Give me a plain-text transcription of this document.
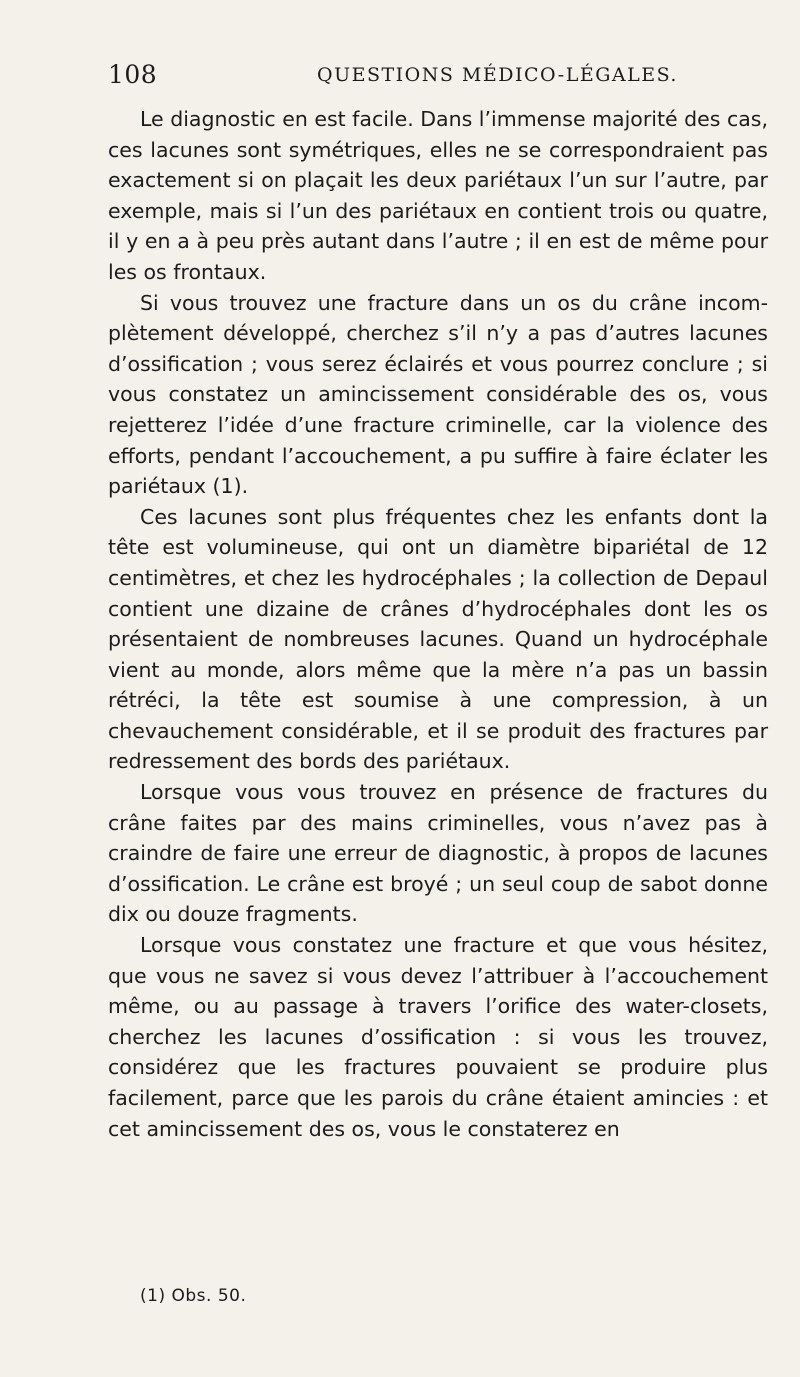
108	QUESTIONS MÉDICO-LÉGALES.

Le diagnostic en est facile. Dans l’immense majorité des cas, ces lacunes sont symétriques, elles ne se correspondraient pas exactement si on plaçait les deux pariétaux l’un sur l’autre, par exemple, mais si l’un des pariétaux en contient trois ou quatre, il y en a à peu près autant dans l’autre ; il en est de même pour les os frontaux.

Si vous trouvez une fracture dans un os du crâne incomplètement développé, cherchez s’il n’y a pas d’autres lacunes d’ossification ; vous serez éclairés et vous pourrez conclure ; si vous constatez un amincissement considérable des os, vous rejetterez l’idée d’une fracture criminelle, car la violence des efforts, pendant l’accouchement, a pu suffire à faire éclater les pariétaux (1).

Ces lacunes sont plus fréquentes chez les enfants dont la tête est volumineuse, qui ont un diamètre bipariétal de 12 centimètres, et chez les hydrocéphales ; la collection de Depaul contient une dizaine de crânes d’hydrocéphales dont les os présentaient de nombreuses lacunes. Quand un hydrocéphale vient au monde, alors même que la mère n’a pas un bassin rétréci, la tête est soumise à une compression, à un chevauchement considérable, et il se produit des fractures par redressement des bords des pariétaux.

Lorsque vous vous trouvez en présence de fractures du crâne faites par des mains criminelles, vous n’avez pas à craindre de faire une erreur de diagnostic, à propos de lacunes d’ossification. Le crâne est broyé ; un seul coup de sabot donne dix ou douze fragments.

Lorsque vous constatez une fracture et que vous hésitez, que vous ne savez si vous devez l’attribuer à l’accouchement même, ou au passage à travers l’orifice des water-closets, cherchez les lacunes d’ossification : si vous les trouvez, considérez que les fractures pouvaient se produire plus facilement, parce que les parois du crâne étaient amincies : et cet amincissement des os, vous le constaterez en

(1) Obs. 50.
